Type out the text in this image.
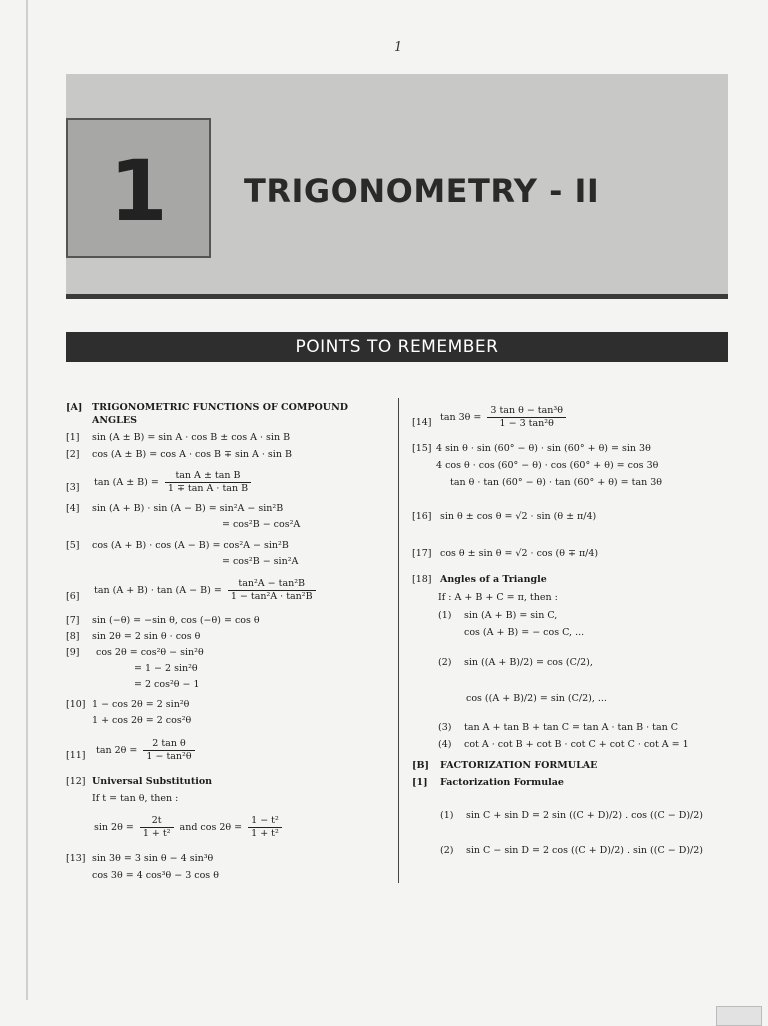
1
1	TRIGONOMETRY - II
POINTS TO REMEMBER
[A] TRIGONOMETRIC FUNCTIONS OF COMPOUND
ANGLES
[1] sin (A ± B) = sin A · cos B ± cos A · sin B
[2] cos (A ± B) = cos A · cos B ∓ sin A · sin B
[3] $\tan (A \pm B) = \frac{\text{tan A ± tan B}}{\text{1 ∓ tan A · tan B}}$
[4] sin (A + B) · sin (A − B) = sin²A − sin²B
= cos²B − cos²A
[5] cos (A + B) · cos (A − B) = cos²A − sin²B
= cos²B − sin²A
[6]
$\tan (A + B) \cdot \tan (A - B) = \frac{\text{tan²A − tan²B}}{\text{1 − tan²A · tan²B}}$
[7] sin (−θ) = −sin θ, cos (−θ) = cos θ
[8] sin 2θ = 2 sin θ · cos θ
[9] cos 2θ = cos²θ − sin²θ
= 1 − 2 sin²θ
= 2 cos²θ − 1
[10] 1 − cos 2θ = 2 sin²θ
1 + cos 2θ = 2 cos²θ
[11] $\tan 2\theta = \frac{\text{2 tan θ}}{\text{1 − tan²θ}}$
[12] Universal Substitution
If t = tan θ, then :
$\sin 2\theta = \frac{2t}{\text{1 + t²}}$ and $\cos 2\theta = \frac{\text{1 − t²}}{\text{1 + t²}}$
[13] sin 3θ = 3 sin θ − 4 sin³θ
cos 3θ = 4 cos³θ − 3 cos θ
[14] $\tan 3\theta = \frac{\text{3 tan θ − tan³θ}}{\text{1 − 3 tan²θ}}$
[15] 4 sin θ · sin (60° − θ) · sin (60° + θ) = sin 3θ
4 cos θ · cos (60° − θ) · cos (60° + θ) = cos 3θ
tan θ · tan (60° − θ) · tan (60° + θ) = tan 3θ
[16] sin θ ± cos θ = √2 · sin (θ ± π/4)
[17] cos θ ± sin θ = √2 · cos (θ ∓ π/4)
[18] Angles of a Triangle
If : A + B + C = π, then :
(1) sin (A + B) = sin C,
cos (A + B) = − cos C, ...
(2) sin ((A + B)/2) = cos (C/2),
cos ((A + B)/2) = sin (C/2), ...
(3) tan A + tan B + tan C = tan A · tan B · tan C
(4) cot A · cot B + cot B · cot C + cot C · cot A = 1
[B] FACTORIZATION FORMULAE
[1] Factorization Formulae
(1) sin C + sin D = 2 sin ((C + D)/2) . cos ((C − D)/2)
(2) sin C − sin D = 2 cos ((C + D)/2) . sin ((C − D)/2)
